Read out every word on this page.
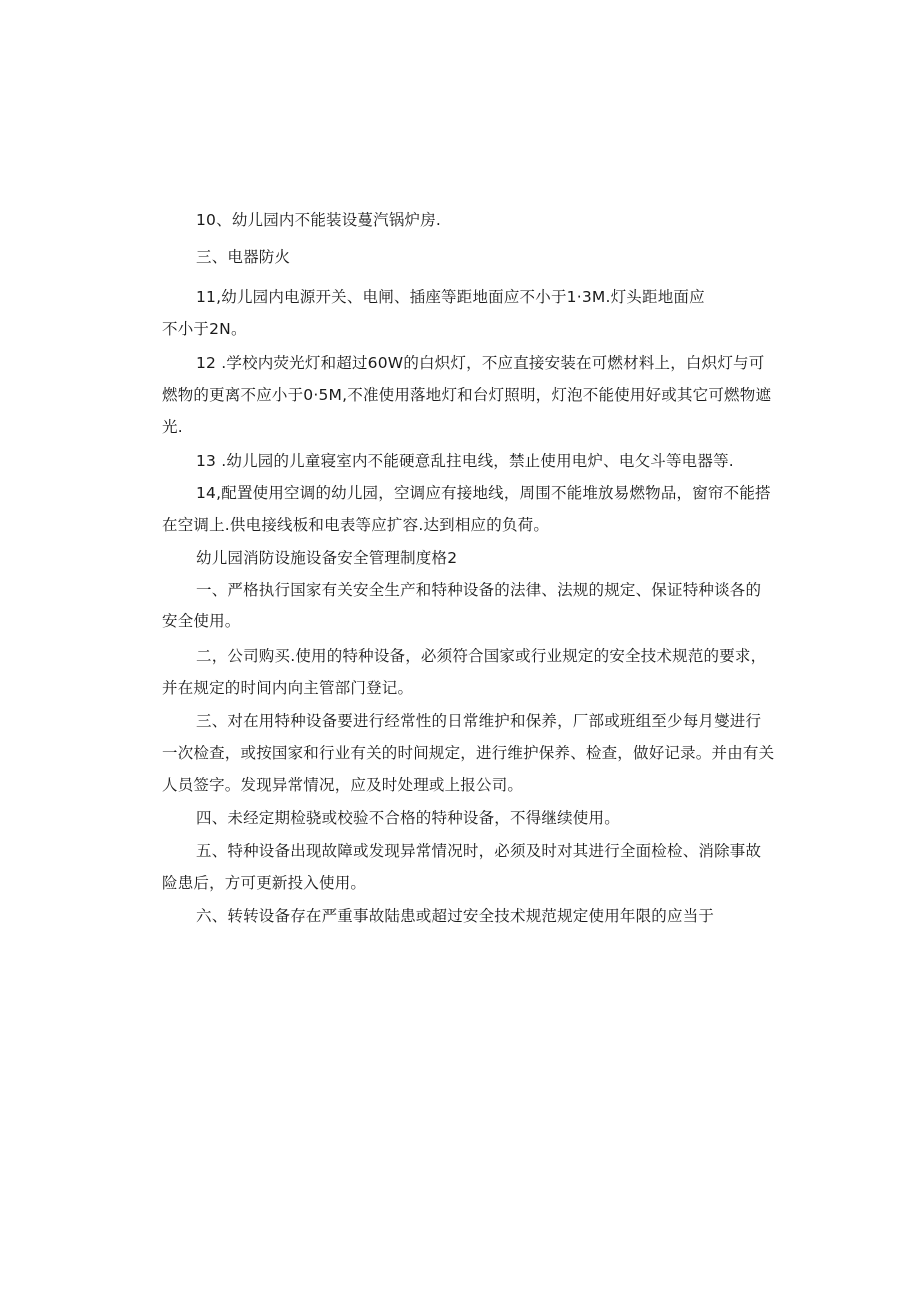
10、幼儿园内不能装设蔓汽锅炉房.
三、电器防火
11,幼儿园内电源开关、电闸、插座等距地面应不小于1·3M.灯头距地面应
不小于2N。
12 .学校内荧光灯和超过60W的白炽灯，不应直接安装在可燃材料上，白炽灯与可
燃物的更离不应小于0·5M,不准使用落地灯和台灯照明，灯泡不能使用好或其它可燃物遮
光.
13 .幼儿园的儿童寝室内不能硬意乱拄电线，禁止使用电炉、电攵斗等电器等.
14,配置使用空调的幼儿园，空调应有接地线，周围不能堆放易燃物品，窗帘不能搭
在空调上.供电接线板和电表等应扩容.达到相应的负荷。
幼儿园消防设施设备安全管理制度格2
一、严格执行国家有关安全生产和特种设备的法律、法规的规定、保证特种谈各的
安全使用。
二，公司购买.使用的特种设备，必须符合国家或行业规定的安全技术规范的要求，
并在规定的时间内向主管部门登记。
三、对在用特种设备要进行经常性的日常维护和保养，厂部或班组至少每月燮进行
一次检查，或按国家和行业有关的时间规定，进行维护保养、检查，做好记录。并由有关
人员签字。发现异常情况，应及时处理或上报公司。
四、未经定期检骁或校验不合格的特种设备，不得继续使用。
五、特种设备出现故障或发现异常情况时，必须及时对其进行全面检检、消除事故
险患后，方可更新投入使用。
六、转转设备存在严重事故陆患或超过安全技术规范规定使用年限的应当于
